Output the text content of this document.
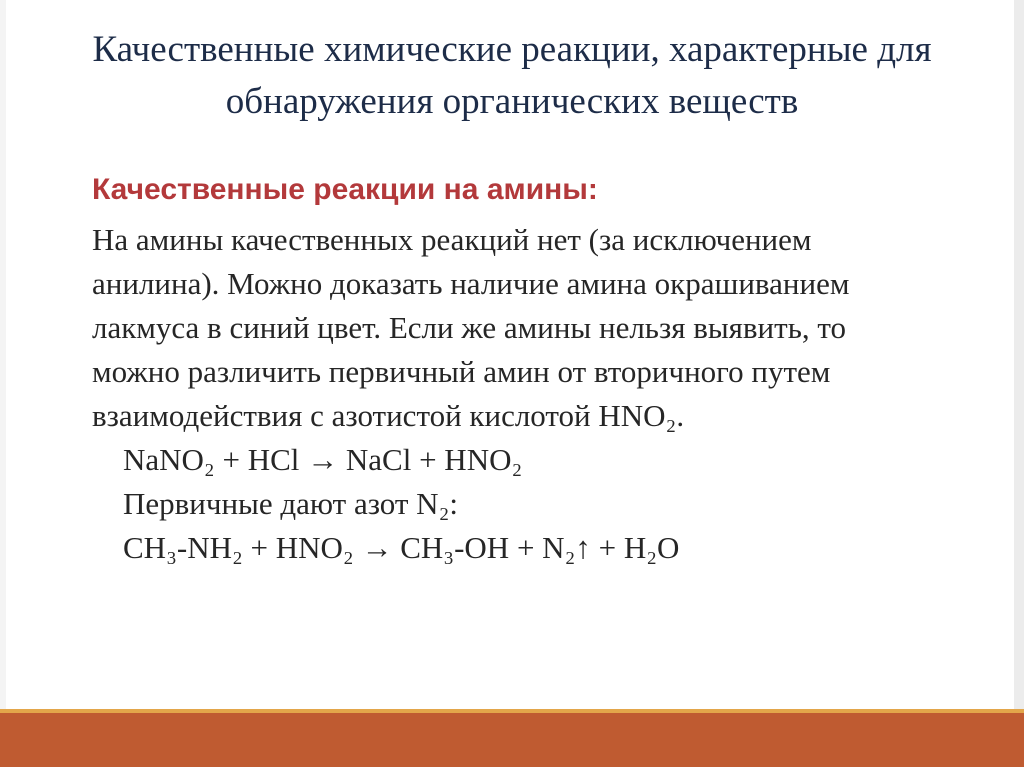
Качественные химические реакции, характерные для обнаружения органических веществ
Качественные реакции на амины:
На амины качественных реакций нет (за исключением анилина). Можно доказать наличие амина окрашиванием лакмуса в синий цвет. Если же амины нельзя выявить, то можно различить первичный амин от вторичного путем взаимодействия с азотистой кислотой HNO₂.
NaNO₂ + HCl → NaCl + HNO₂
Первичные дают азот N₂:
CH₃-NH₂ + HNO₂ → CH₃-OH + N₂↑ + H₂O
